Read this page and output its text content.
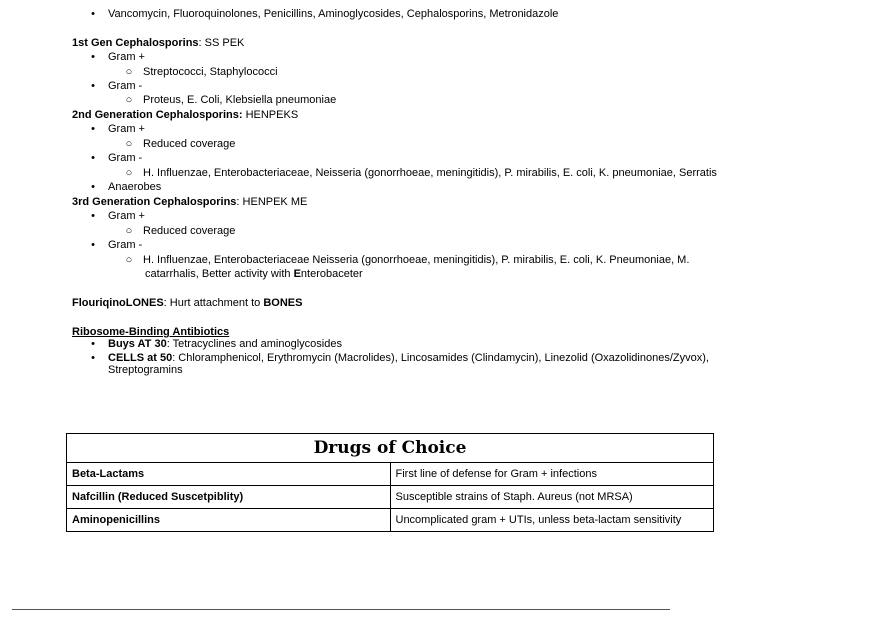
• Vancomycin, Fluoroquinolones, Penicillins, Aminoglycosides, Cephalosporins, Metronidazole
1st Gen Cephalosporins: SS PEK
• Gram +
○ Streptococci, Staphylococci
• Gram -
○ Proteus, E. Coli, Klebsiella pneumoniae
2nd Generation Cephalosporins: HENPEKS
• Gram +
○ Reduced coverage
• Gram -
○ H. Influenzae, Enterobacteriaceae, Neisseria (gonorrhoeae, meningitidis), P. mirabilis, E. coli, K. pneumoniae, Serratis
• Anaerobes
3rd Generation Cephalosporins: HENPEK ME
• Gram +
○ Reduced coverage
• Gram -
○ H. Influenzae, Enterobacteriaceae Neisseria (gonorrhoeae, meningitidis), P. mirabilis, E. coli, K. Pneumoniae, M.
catarrhalis, Better activity with Enterobaceter
FlouriqinoLONES: Hurt attachment to BONES
Ribosome-Binding Antibiotics
• Buys AT 30: Tetracyclines and aminoglycosides
• CELLS at 50: Chloramphenicol, Erythromycin (Macrolides), Lincosamides (Clindamycin), Linezolid (Oxazolidinones/Zyvox),
Streptogramins
Drugs of Choice	
Beta-Lactams	First line of defense for Gram + infections
Nafcillin (Reduced Suscetpiblity)	Susceptible strains of Staph. Aureus (not MRSA)
Aminopenicillins	Uncomplicated gram + UTIs, unless beta-lactam sensitivity
